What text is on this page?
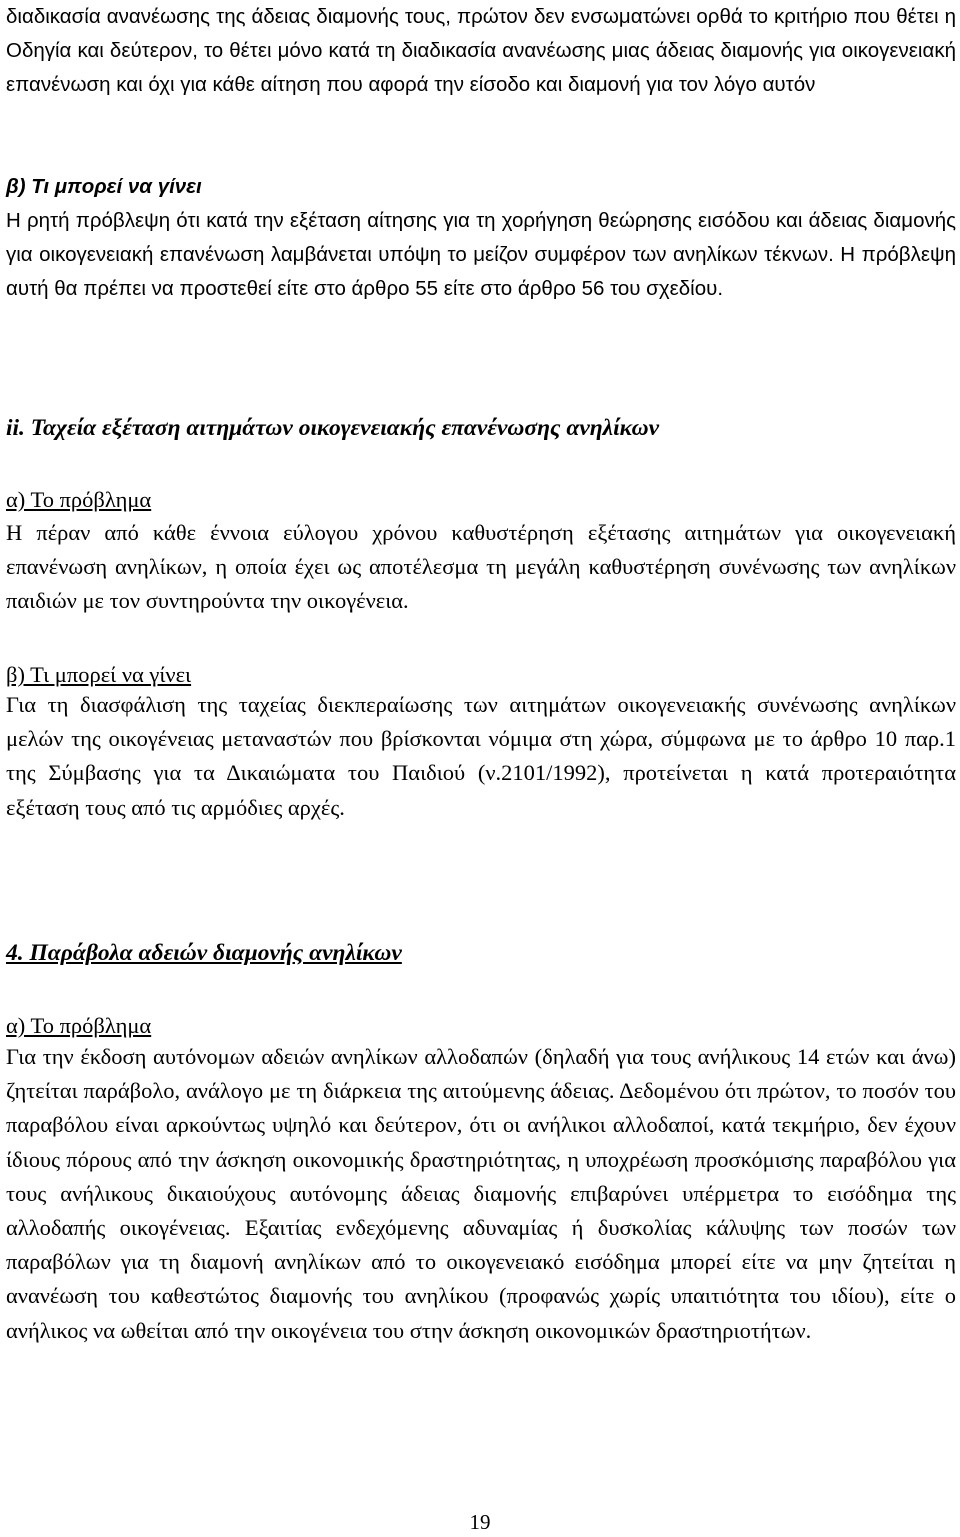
διαδικασία ανανέωσης της άδειας διαμονής τους, πρώτον δεν ενσωματώνει ορθά το κριτήριο που θέτει η Οδηγία και δεύτερον, το θέτει μόνο κατά τη διαδικασία ανανέωσης μιας άδειας διαμονής για οικογενειακή επανένωση και όχι για κάθε αίτηση που αφορά την είσοδο και διαμονή για τον λόγο αυτόν

β) Τι μπορεί να γίνει

Η ρητή πρόβλεψη ότι κατά την εξέταση αίτησης για τη χορήγηση θεώρησης εισόδου και άδειας διαμονής για οικογενειακή επανένωση λαμβάνεται υπόψη το μείζον συμφέρον των ανηλίκων τέκνων. Η πρόβλεψη αυτή θα πρέπει να προστεθεί είτε στο άρθρο 55 είτε στο άρθρο 56 του σχεδίου.

ii. Ταχεία εξέταση αιτημάτων οικογενειακής επανένωσης ανηλίκων

α) Το πρόβλημα

Η πέραν από κάθε έννοια εύλογου χρόνου καθυστέρηση εξέτασης αιτημάτων για οικογενειακή επανένωση ανηλίκων, η οποία έχει ως αποτέλεσμα τη μεγάλη καθυστέρηση συνένωσης των ανηλίκων παιδιών με τον συντηρούντα την οικογένεια.

β) Τι μπορεί να γίνει

Για τη διασφάλιση της ταχείας διεκπεραίωσης των αιτημάτων οικογενειακής συνένωσης ανηλίκων μελών της οικογένειας μεταναστών που βρίσκονται νόμιμα στη χώρα, σύμφωνα με το άρθρο 10 παρ.1 της Σύμβασης για τα Δικαιώματα του Παιδιού (ν.2101/1992), προτείνεται η κατά προτεραιότητα εξέταση τους από τις αρμόδιες αρχές.

4. Παράβολα αδειών διαμονής ανηλίκων

α) Το πρόβλημα

Για την έκδοση αυτόνομων αδειών ανηλίκων αλλοδαπών (δηλαδή για τους ανήλικους 14 ετών και άνω) ζητείται παράβολο, ανάλογο με τη διάρκεια της αιτούμενης άδειας. Δεδομένου ότι πρώτον, το ποσόν του παραβόλου είναι αρκούντως υψηλό και δεύτερον, ότι οι ανήλικοι αλλοδαποί, κατά τεκμήριο, δεν έχουν ίδιους πόρους από την άσκηση οικονομικής δραστηριότητας, η υποχρέωση προσκόμισης παραβόλου για τους ανήλικους δικαιούχους αυτόνομης άδειας διαμονής επιβαρύνει υπέρμετρα το εισόδημα της αλλοδαπής οικογένειας. Εξαιτίας ενδεχόμενης αδυναμίας ή δυσκολίας κάλυψης των ποσών των παραβόλων για τη διαμονή ανηλίκων από το οικογενειακό εισόδημα μπορεί είτε να μην ζητείται η ανανέωση του καθεστώτος διαμονής του ανηλίκου (προφανώς χωρίς υπαιτιότητα του ιδίου), είτε ο ανήλικος να ωθείται από την οικογένεια του στην άσκηση οικονομικών δραστηριοτήτων.

19
